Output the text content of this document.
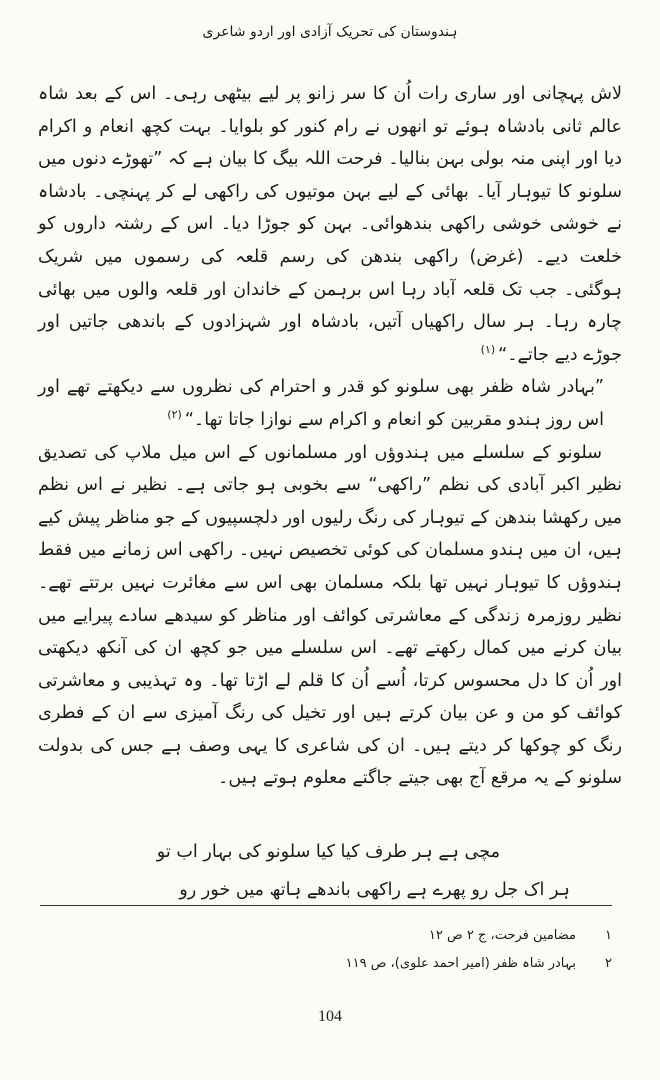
ہندوستان کی تحریک آزادی اور اردو شاعری

لاش پہچانی اور ساری رات اُن کا سر زانو پر لیے بیٹھی رہی۔ اس کے بعد شاہ عالم ثانی بادشاہ ہوئے تو انھوں نے رام کنور کو بلوایا۔ بہت کچھ انعام و اکرام دیا اور اپنی منہ بولی بہن بنالیا۔ فرحت اللہ بیگ کا بیان ہے کہ ”تھوڑے دنوں میں سلونو کا تیوہار آیا۔ بھائی کے لیے بہن موتیوں کی راکھی لے کر پہنچی۔ بادشاہ نے خوشی خوشی راکھی بندھوائی۔ بہن کو جوڑا دیا۔ اس کے رشتہ داروں کو خلعت دیے۔ (غرض) راکھی بندھن کی رسم قلعہ کی رسموں میں شریک ہوگئی۔ جب تک قلعہ آباد رہا اس برہمن کے خاندان اور قلعہ والوں میں بھائی چارہ رہا۔ ہر سال راکھیاں آتیں، بادشاہ اور شہزادوں کے باندھی جاتیں اور جوڑے دیے جاتے۔“$^{(۱)}$

”بہادر شاہ ظفر بھی سلونو کو قدر و احترام کی نظروں سے دیکھتے تھے اور اس روز ہندو مقربین کو انعام و اکرام سے نوازا جاتا تھا۔“$^{(۲)}$

سلونو کے سلسلے میں ہندوؤں اور مسلمانوں کے اس میل ملاپ کی تصدیق نظیر اکبر آبادی کی نظم ”راکھی“ سے بخوبی ہو جاتی ہے۔ نظیر نے اس نظم میں رکھشا بندھن کے تیوہار کی رنگ رلیوں اور دلچسپیوں کے جو مناظر پیش کیے ہیں، ان میں ہندو مسلمان کی کوئی تخصیص نہیں۔ راکھی اس زمانے میں فقط ہندوؤں کا تیوہار نہیں تھا بلکہ مسلمان بھی اس سے مغائرت نہیں برتتے تھے۔ نظیر روزمرہ زندگی کے معاشرتی کوائف اور مناظر کو سیدھے سادے پیرایے میں بیان کرنے میں کمال رکھتے تھے۔ اس سلسلے میں جو کچھ ان کی آنکھ دیکھتی اور اُن کا دل محسوس کرتا، اُسے اُن کا قلم لے اڑتا تھا۔ وہ تہذیبی و معاشرتی کوائف کو من و عن بیان کرتے ہیں اور تخیل کی رنگ آمیزی سے ان کے فطری رنگ کو چوکھا کر دیتے ہیں۔ ان کی شاعری کا یہی وصف ہے جس کی بدولت سلونو کے یہ مرقع آج بھی جیتے جاگتے معلوم ہوتے ہیں۔

مچی ہے ہر طرف کیا کیا سلونو کی بہار اب تو
ہر اک جل رو پھرے ہے راکھی باندھے ہاتھ میں خور رو
۱
مضامین فرحت، ج ۲ ص ۱۲
۲
بہادر شاہ ظفر (امیر احمد علوی)، ص ۱۱۹
104
